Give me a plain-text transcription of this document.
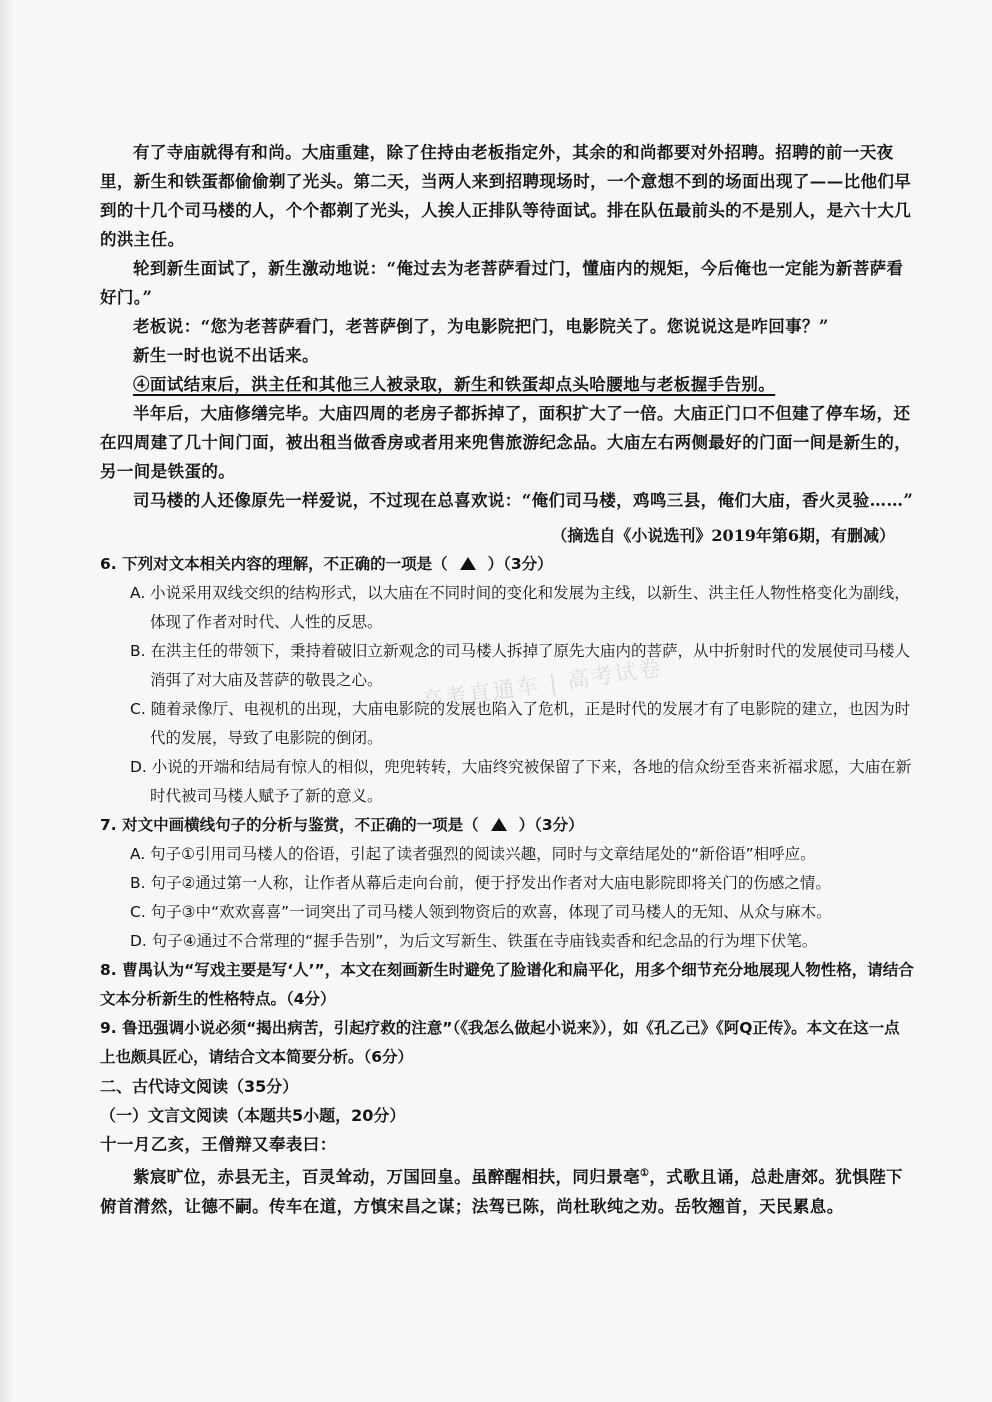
高考直通车 | 高考试卷

有了寺庙就得有和尚。大庙重建，除了住持由老板指定外，其余的和尚都要对外招聘。招聘的前一天夜里，新生和铁蛋都偷偷剃了光头。第二天，当两人来到招聘现场时，一个意想不到的场面出现了——比他们早到的十几个司马楼的人，个个都剃了光头，人挨人正排队等待面试。排在队伍最前头的不是别人，是六十大几的洪主任。

轮到新生面试了，新生激动地说：“俺过去为老菩萨看过门，懂庙内的规矩，今后俺也一定能为新菩萨看好门。”

老板说：“您为老菩萨看门，老菩萨倒了，为电影院把门，电影院关了。您说说这是咋回事？”

新生一时也说不出话来。

④面试结束后，洪主任和其他三人被录取，新生和铁蛋却点头哈腰地与老板握手告别。

半年后，大庙修缮完毕。大庙四周的老房子都拆掉了，面积扩大了一倍。大庙正门口不但建了停车场，还在四周建了几十间门面，被出租当做香房或者用来兜售旅游纪念品。大庙左右两侧最好的门面一间是新生的，另一间是铁蛋的。

司马楼的人还像原先一样爱说，不过现在总喜欢说：“俺们司马楼，鸡鸣三县，俺们大庙，香火灵验……”

（摘选自《小说选刊》2019年第6期，有删减）

6. 下列对文本相关内容的理解，不正确的一项是（	）（3分）

A. 小说采用双线交织的结构形式，以大庙在不同时间的变化和发展为主线，以新生、洪主任人物性格变化为副线，体现了作者对时代、人性的反思。

B. 在洪主任的带领下，秉持着破旧立新观念的司马楼人拆掉了原先大庙内的菩萨，从中折射时代的发展使司马楼人消弭了对大庙及菩萨的敬畏之心。

C. 随着录像厅、电视机的出现，大庙电影院的发展也陷入了危机，正是时代的发展才有了电影院的建立，也因为时代的发展，导致了电影院的倒闭。

D. 小说的开端和结局有惊人的相似，兜兜转转，大庙终究被保留了下来，各地的信众纷至沓来祈福求愿，大庙在新时代被司马楼人赋予了新的意义。

7. 对文中画横线句子的分析与鉴赏，不正确的一项是（	）（3分）

A. 句子①引用司马楼人的俗语，引起了读者强烈的阅读兴趣，同时与文章结尾处的“新俗语”相呼应。

B. 句子②通过第一人称，让作者从幕后走向台前，便于抒发出作者对大庙电影院即将关门的伤感之情。

C. 句子③中“欢欢喜喜”一词突出了司马楼人领到物资后的欢喜，体现了司马楼人的无知、从众与麻木。

D. 句子④通过不合常理的“握手告别”，为后文写新生、铁蛋在寺庙钱卖香和纪念品的行为埋下伏笔。

8. 曹禺认为“写戏主要是写‘人’”，本文在刻画新生时避免了脸谱化和扁平化，用多个细节充分地展现人物性格，请结合文本分析新生的性格特点。（4分）

9. 鲁迅强调小说必须“揭出病苦，引起疗救的注意”（《我怎么做起小说来》），如《孔乙己》《阿Q正传》。本文在这一点上也颇具匠心，请结合文本简要分析。（6分）

二、古代诗文阅读（35分）

（一）文言文阅读（本题共5小题，20分）

十一月乙亥，王僧辩又奉表曰：

紫宸旷位，赤县无主，百灵耸动，万国回皇。虽醉醒相扶，同归景亳①，式歌且诵，总赴唐郊。犹惧陛下俯首潸然，让德不嗣。传车在道，方慎宋昌之谋；法驾已陈，尚杜耿纯之劝。岳牧翘首，天民累息。
